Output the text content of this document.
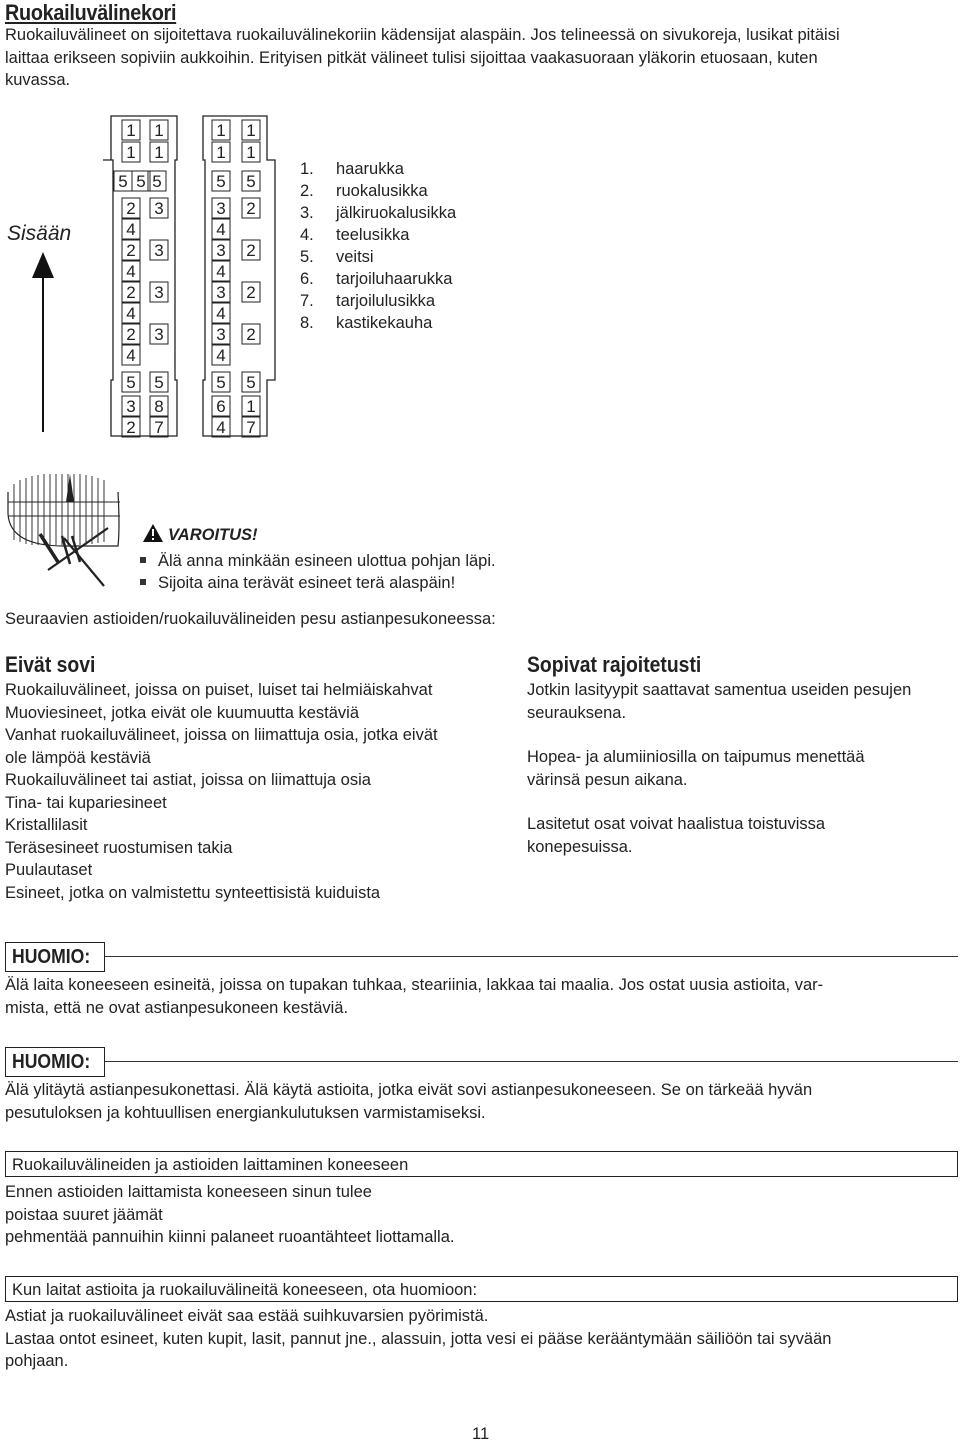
Ruokailuvälinekori
Ruokailuvälineet on sijoitettava ruokailuvälinekoriin kädensijat alaspäin. Jos telineessä on sivukoreja, lusikat pitäisi
laittaa erikseen sopiviin aukkoihin. Erityisen pitkät välineet tulisi sijoittaa vaakasuoraan yläkorin etuosaan, kuten
kuvassa.
Sisään
1 1
1 1
5 5 5
2 3
4
2 3
4
2 3
4
2 3
4
5 5
3 8
2 7
1 1
1 1
5 5
3 2
4
3 2
4
3 2
4
3 2
4
5 5
6 1
4 7
1. haarukka
2. ruokalusikka
3. jälkiruokalusikka
4. teelusikka
5. veitsi
6. tarjoiluhaarukka
7. tarjoilulusikka
8. kastikekauha
VAROITUS!
Älä anna minkään esineen ulottua pohjan läpi.
Sijoita aina terävät esineet terä alaspäin!
Seuraavien astioiden/ruokailuvälineiden pesu astianpesukoneessa:
Eivät sovi
Ruokailuvälineet, joissa on puiset, luiset tai helmiäiskahvat
Muoviesineet, jotka eivät ole kuumuutta kestäviä
Vanhat ruokailuvälineet, joissa on liimattuja osia, jotka eivät
ole lämpöä kestäviä
Ruokailuvälineet tai astiat, joissa on liimattuja osia
Tina- tai kupariesineet
Kristallilasit
Teräsesineet ruostumisen takia
Puulautaset
Esineet, jotka on valmistettu synteettisistä kuiduista
Sopivat rajoitetusti
Jotkin lasityypit saattavat samentua useiden pesujen
seurauksena.
Hopea- ja alumiiniosilla on taipumus menettää
värinsä pesun aikana.
Lasitetut osat voivat haalistua toistuvissa
konepesuissa.
HUOMIO:
Älä laita koneeseen esineitä, joissa on tupakan tuhkaa, steariinia, lakkaa tai maalia. Jos ostat uusia astioita, var-
mista, että ne ovat astianpesukoneen kestäviä.
HUOMIO:
Älä ylitäytä astianpesukonettasi. Älä käytä astioita, jotka eivät sovi astianpesukoneeseen. Se on tärkeää hyvän
pesutuloksen ja kohtuullisen energiankulutuksen varmistamiseksi.
Ruokailuvälineiden ja astioiden laittaminen koneeseen
Ennen astioiden laittamista koneeseen sinun tulee
poistaa suuret jäämät
pehmentää pannuihin kiinni palaneet ruoantähteet liottamalla.
Kun laitat astioita ja ruokailuvälineitä koneeseen, ota huomioon:
Astiat ja ruokailuvälineet eivät saa estää suihkuvarsien pyörimistä.
Lastaa ontot esineet, kuten kupit, lasit, pannut jne., alassuin, jotta vesi ei pääse kerääntymään säiliöön tai syvään
pohjaan.
11
